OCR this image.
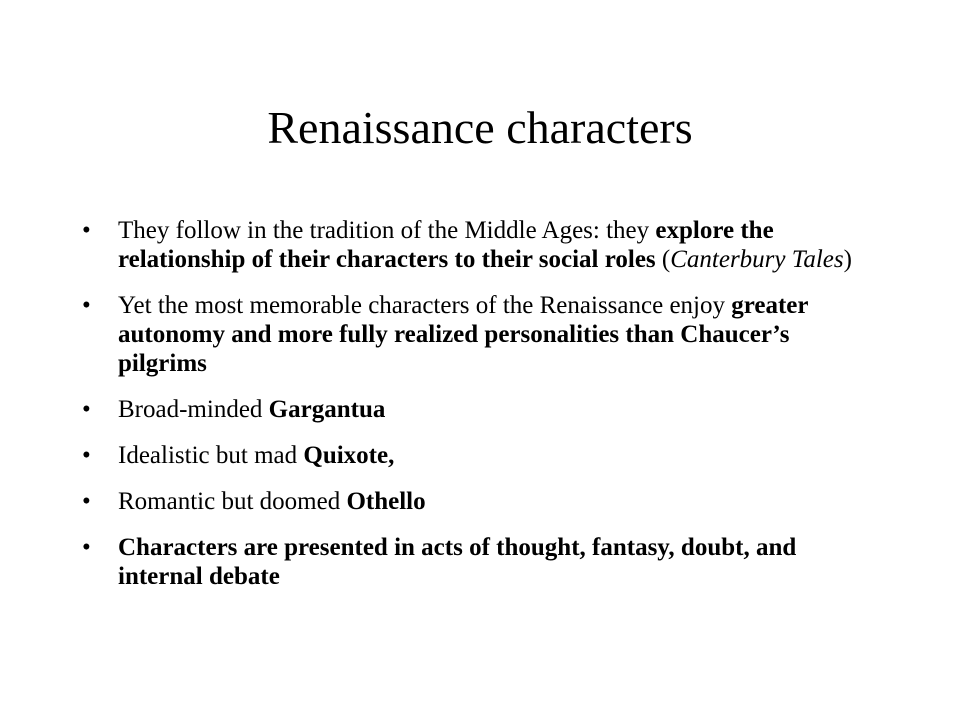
Renaissance characters
•	They follow in the tradition of the Middle Ages: they explore the relationship of their characters to their social roles (Canterbury Tales)
•	Yet the most memorable characters of the Renaissance enjoy greater autonomy and more fully realized personalities than Chaucer’s pilgrims
•	Broad-minded Gargantua
•	Idealistic but mad Quixote,
•	Romantic but doomed Othello
•	Characters are presented in acts of thought, fantasy, doubt, and internal debate
